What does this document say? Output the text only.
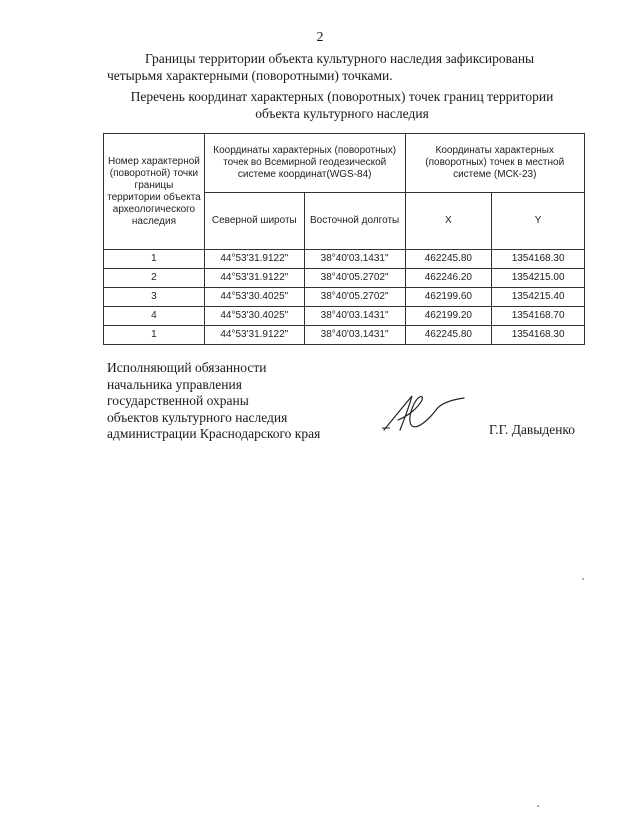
2
Границы территории объекта культурного наследия зафиксированы четырьмя характерными (поворотными) точками.
Перечень координат характерных (поворотных) точек границ территории объекта культурного наследия
Номер характерной (поворотной) точки границы территории объекта археологического наследия	Координаты характерных (поворотных) точек во Всемирной геодезической системе координат(WGS-84)		Координаты характерных (поворотных) точек в местной системе (МСК-23)	
	Северной широты	Восточной долготы	X	Y
1	44°53'31.9122"	38°40'03.1431"	462245.80	1354168.30
2	44°53'31.9122"	38°40'05.2702"	462246.20	1354215.00
3	44°53'30.4025"	38°40'05.2702"	462199.60	1354215.40
4	44°53'30.4025"	38°40'03.1431"	462199.20	1354168.70
1	44°53'31.9122"	38°40'03.1431"	462245.80	1354168.30
Исполняющий обязанности
начальника управления
государственной охраны
объектов культурного наследия
администрации Краснодарского края	Г.Г. Давыденко
